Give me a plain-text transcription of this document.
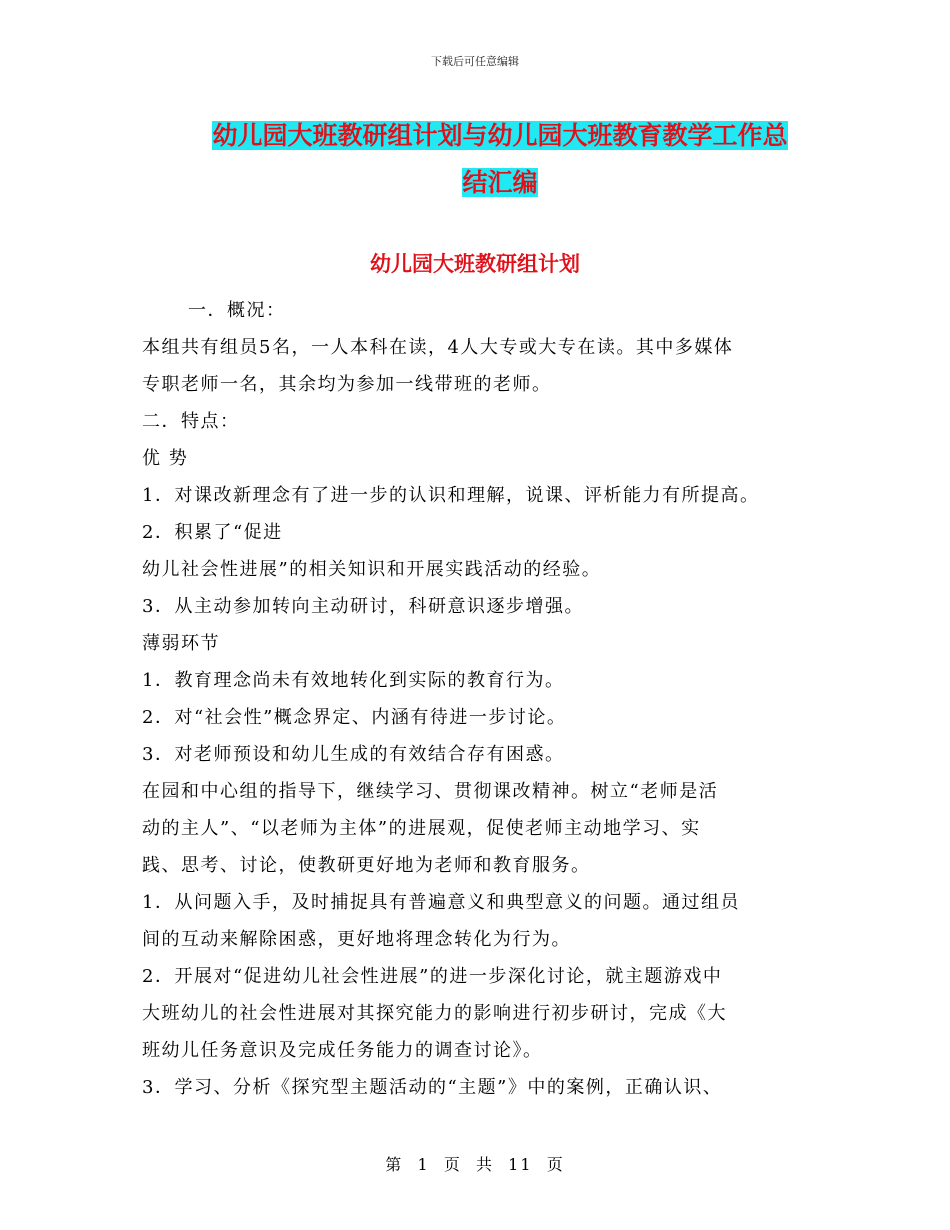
下载后可任意编辑
幼儿园大班教研组计划与幼儿园大班教育教学工作总
结汇编
幼儿园大班教研组计划
一．概况：
本组共有组员5名，一人本科在读，4人大专或大专在读。其中多媒体
专职老师一名，其余均为参加一线带班的老师。
二．特点：
优 势
1．对课改新理念有了进一步的认识和理解，说课、评析能力有所提高。
2．积累了“促进
幼儿社会性进展”的相关知识和开展实践活动的经验。
3．从主动参加转向主动研讨，科研意识逐步增强。
薄弱环节
1．教育理念尚未有效地转化到实际的教育行为。
2．对“社会性”概念界定、内涵有待进一步讨论。
3．对老师预设和幼儿生成的有效结合存有困惑。
在园和中心组的指导下，继续学习、贯彻课改精神。树立“老师是活
动的主人”、“以老师为主体”的进展观，促使老师主动地学习、实
践、思考、讨论，使教研更好地为老师和教育服务。
1．从问题入手，及时捕捉具有普遍意义和典型意义的问题。通过组员
间的互动来解除困惑，更好地将理念转化为行为。
2．开展对“促进幼儿社会性进展”的进一步深化讨论，就主题游戏中
大班幼儿的社会性进展对其探究能力的影响进行初步研讨，完成《大
班幼儿任务意识及完成任务能力的调查讨论》。
3．学习、分析《探究型主题活动的“主题”》中的案例，正确认识、
第  1  页  共  11  页
